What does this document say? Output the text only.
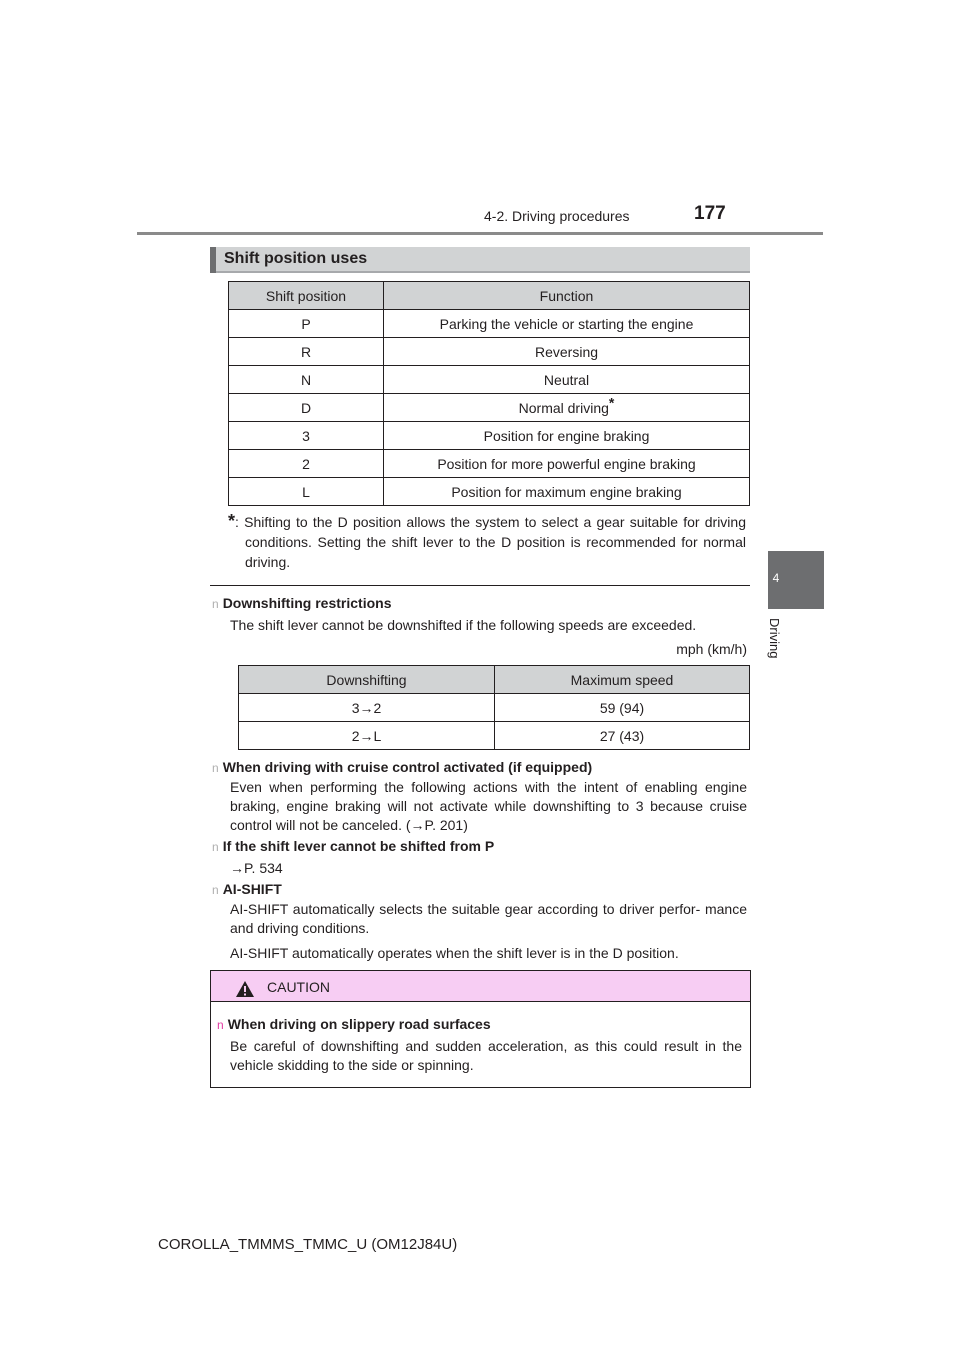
4-2. Driving procedures	177
4
Driving
Shift position uses
Shift position	Function
P	Parking the vehicle or starting the engine
R	Reversing
N	Neutral
D	Normal driving*
3	Position for engine braking
2	Position for more powerful engine braking
L	Position for maximum engine braking
*: Shifting to the D position allows the system to select a gear suitable for driving conditions. Setting the shift lever to the D position is recommended for normal driving.
n Downshifting restrictions
The shift lever cannot be downshifted if the following speeds are exceeded.
mph (km/h)
Downshifting	Maximum speed
3→2	59 (94)
2→L	27 (43)
n When driving with cruise control activated (if equipped)
Even when performing the following actions with the intent of enabling engine braking, engine braking will not activate while downshifting to 3 because cruise control will not be canceled. (→P. 201)
n If the shift lever cannot be shifted from P
→P. 534
n AI-SHIFT
AI-SHIFT automatically selects the suitable gear according to driver perfor- mance and driving conditions.
AI-SHIFT automatically operates when the shift lever is in the D position.
CAUTION
n When driving on slippery road surfaces
Be careful of downshifting and sudden acceleration, as this could result in the vehicle skidding to the side or spinning.
COROLLA_TMMMS_TMMC_U (OM12J84U)
